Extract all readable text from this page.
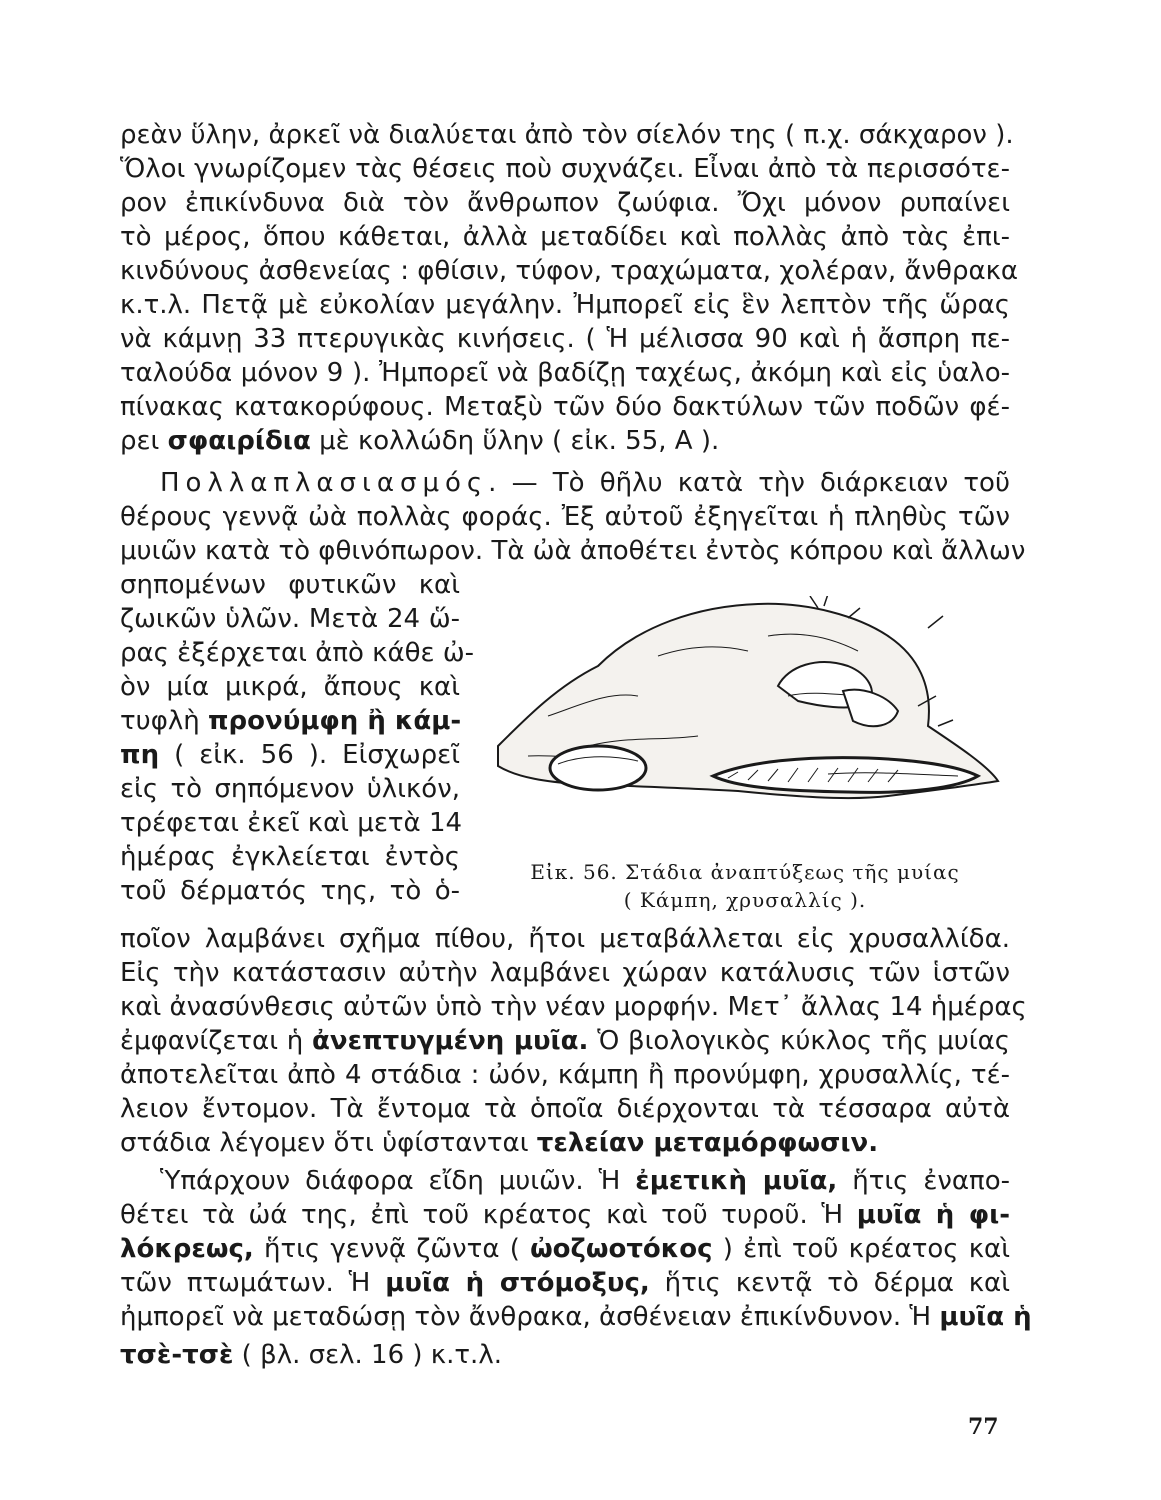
ρεὰν ὕλην, ἀρκεῖ νὰ διαλύεται ἀπὸ τὸν σίελόν της ( π.χ. σάκχαρον ).
Ὅλοι γνωρίζομεν τὰς θέσεις ποὺ συχνάζει. Εἶναι ἀπὸ τὰ περισσότε-
ρον ἐπικίνδυνα διὰ τὸν ἄνθρωπον ζωύφια. Ὄχι μόνον ρυπαίνει
τὸ μέρος, ὅπου κάθεται, ἀλλὰ μεταδίδει καὶ πολλὰς ἀπὸ τὰς ἐπι-
κινδύνους ἀσθενείας : φθίσιν, τύφον, τραχώματα, χολέραν, ἄνθρακα
κ.τ.λ. Πετᾷ μὲ εὐκολίαν μεγάλην. Ἠμπορεῖ εἰς ἓν λεπτὸν τῆς ὥρας
νὰ κάμνῃ 33 πτερυγικὰς κινήσεις. ( Ἡ μέλισσα 90 καὶ ἡ ἄσπρη πε-
ταλούδα μόνον 9 ). Ἠμπορεῖ νὰ βαδίζῃ ταχέως, ἀκόμη καὶ εἰς ὑαλο-
πίνακας κατακορύφους. Μεταξὺ τῶν δύο δακτύλων τῶν ποδῶν φέ-
ρει σφαιρίδια μὲ κολλώδη ὕλην ( εἰκ. 55, Α ).
Πολλαπλασιασμός. — Τὸ θῆλυ κατὰ τὴν διάρκειαν τοῦ
θέρους γεννᾷ ὠὰ πολλὰς φοράς. Ἐξ αὐτοῦ ἐξηγεῖται ἡ πληθὺς τῶν
μυιῶν κατὰ τὸ φθινόπωρον. Τὰ ὠὰ ἀποθέτει ἐντὸς κόπρου καὶ ἄλλων
σηπομένων φυτικῶν καὶ
ζωικῶν ὑλῶν. Μετὰ 24 ὥ-
ρας ἐξέρχεται ἀπὸ κάθε ὠ-
ὸν μία μικρά, ἄπους καὶ
τυφλὴ προνύμφη ἢ κάμ-
πη ( εἰκ. 56 ). Εἰσχωρεῖ
εἰς τὸ σηπόμενον ὑλικόν,
τρέφεται ἐκεῖ καὶ μετὰ 14
ἡμέρας ἐγκλείεται ἐντὸς
τοῦ δέρματός της, τὸ ὁ-
ποῖον λαμβάνει σχῆμα πίθου, ἤτοι μεταβάλλεται εἰς χρυσαλλίδα.
Εἰς τὴν κατάστασιν αὐτὴν λαμβάνει χώραν κατάλυσις τῶν ἱστῶν
καὶ ἀνασύνθεσις αὐτῶν ὑπὸ τὴν νέαν μορφήν. Μετ᾽ ἄλλας 14 ἡμέρας
ἐμφανίζεται ἡ ἀνεπτυγμένη μυῖα. Ὁ βιολογικὸς κύκλος τῆς μυίας
ἀποτελεῖται ἀπὸ 4 στάδια : ὠόν, κάμπη ἢ προνύμφη, χρυσαλλίς, τέ-
λειον ἔντομον. Τὰ ἔντομα τὰ ὁποῖα διέρχονται τὰ τέσσαρα αὐτὰ
στάδια λέγομεν ὅτι ὑφίστανται τελείαν μεταμόρφωσιν.
Ὑπάρχουν διάφορα εἴδη μυιῶν. Ἡ ἐμετικὴ μυῖα, ἥτις ἐναπο-
θέτει τὰ ὠά της, ἐπὶ τοῦ κρέατος καὶ τοῦ τυροῦ. Ἡ μυῖα ἡ φι-
λόκρεως, ἥτις γεννᾷ ζῶντα ( ὠοζωοτόκος ) ἐπὶ τοῦ κρέατος καὶ
τῶν πτωμάτων. Ἡ μυῖα ἡ στόμοξυς, ἥτις κεντᾷ τὸ δέρμα καὶ
ἠμπορεῖ νὰ μεταδώσῃ τὸν ἄνθρακα, ἀσθένειαν ἐπικίνδυνον. Ἡ μυῖα ἡ
τσὲ-τσὲ ( βλ. σελ. 16 ) κ.τ.λ.
Εἰκ. 56. Στάδια ἀναπτύξεως τῆς μυίας
( Κάμπη, χρυσαλλίς ).
77
